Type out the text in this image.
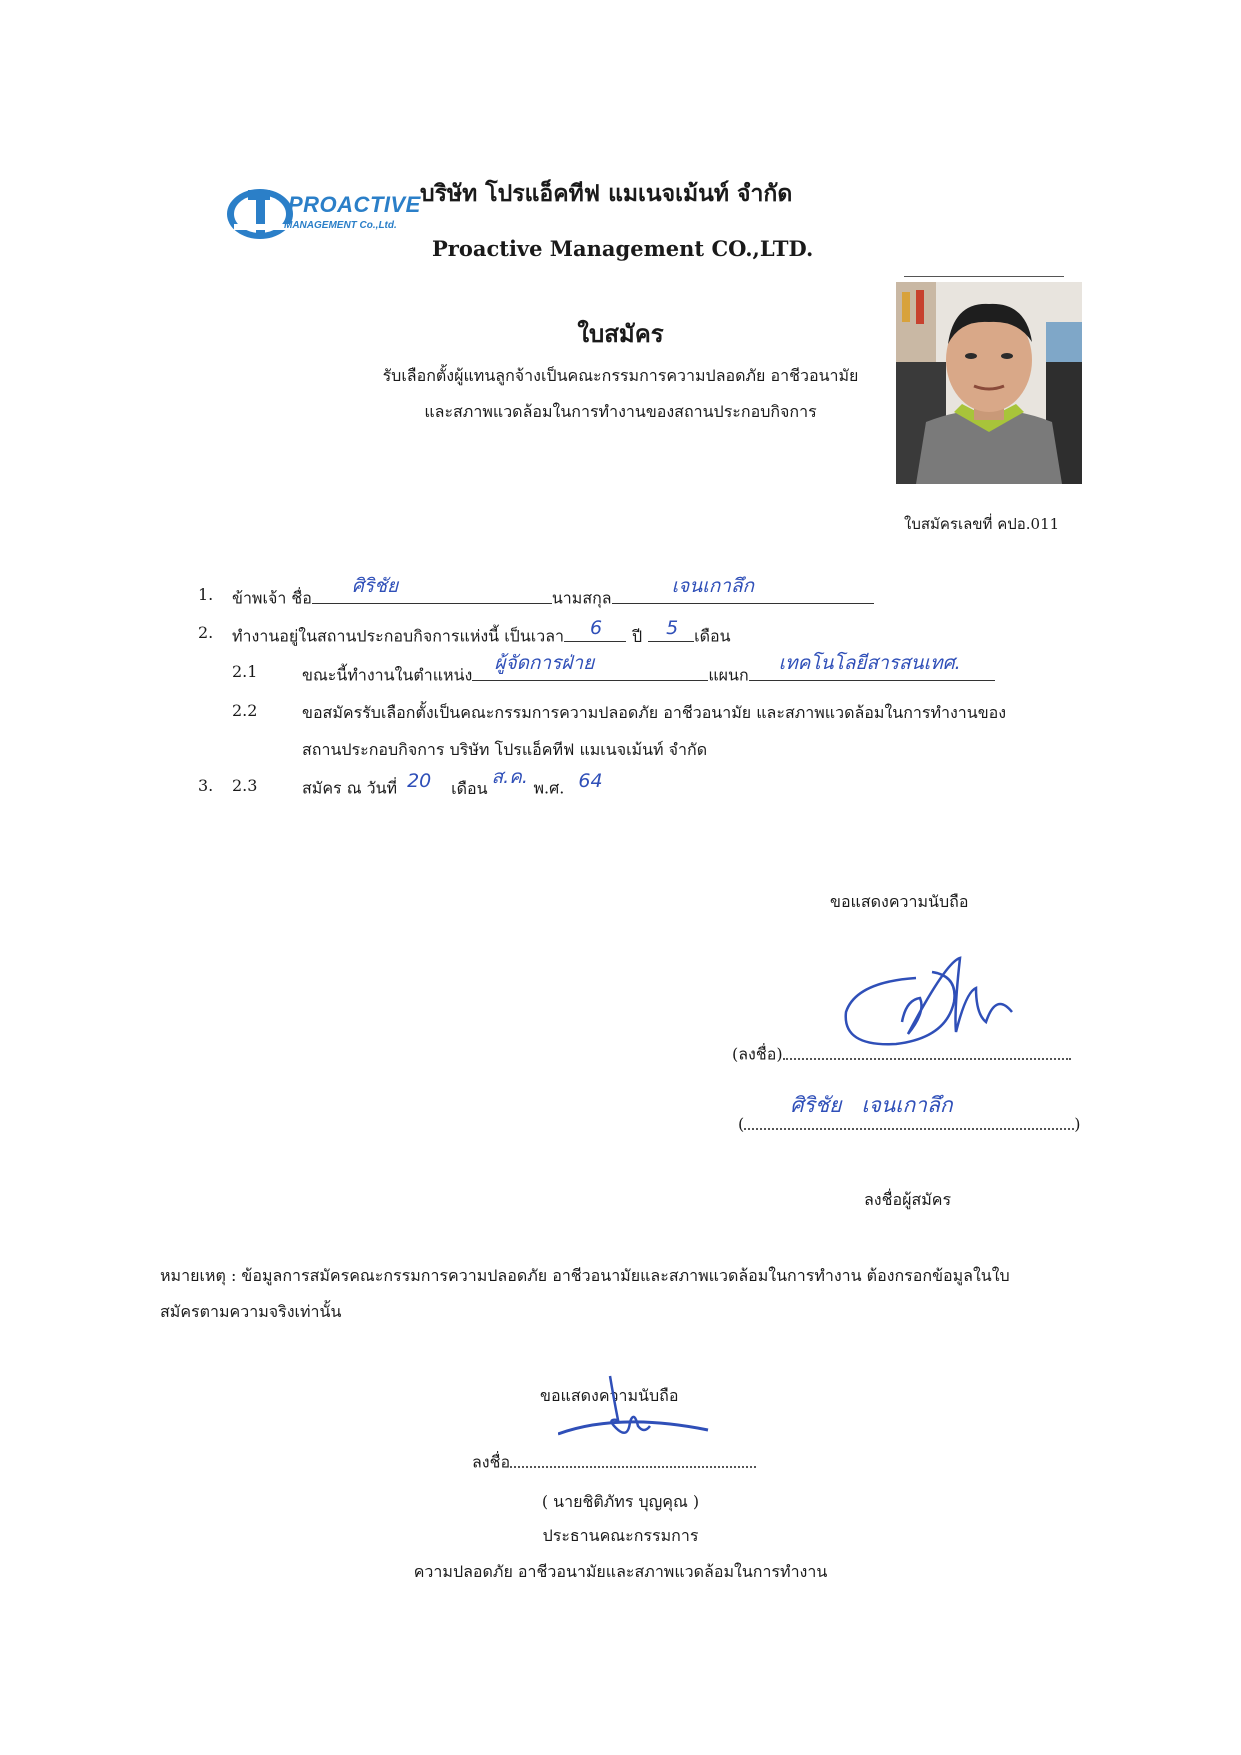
PROACTIVE
MANAGEMENT Co.,Ltd.
บริษัท โปรแอ็คทีฟ แมเนจเม้นท์ จำกัด
Proactive Management CO.,LTD.
ใบสมัคร
รับเลือกตั้งผู้แทนลูกจ้างเป็นคณะกรรมการความปลอดภัย อาชีวอนามัย
และสภาพแวดล้อมในการทำงานของสถานประกอบกิจการ
ใบสมัครเลขที่ คปอ.011
1. ข้าพเจ้า ชื่อ
ศิริชัย
นามสกุล
เจนเกาลึก
2. ทำงานอยู่ในสถานประกอบกิจการแห่งนี้ เป็นเวลา 6 ปี 5 เดือน
2.1	ขณะนี้ทำงานในตำแหน่ง
ผู้จัดการฝ่าย
แผนก
เทคโนโลยีสารสนเทศ.
2.2	ขอสมัครรับเลือกตั้งเป็นคณะกรรมการความปลอดภัย อาชีวอนามัย และสภาพแวดล้อมในการทำงานของ
สถานประกอบกิจการ บริษัท โปรแอ็คทีฟ แมเนจเม้นท์ จำกัด
3. 2.3	สมัคร ณ วันที่ 20 เดือน
ส.ค.
พ.ศ. 64
ขอแสดงความนับถือ
(ลงชื่อ)
(
ศิริชัย   เจนเกาลึก
)
ลงชื่อผู้สมัคร
หมายเหตุ : ข้อมูลการสมัครคณะกรรมการความปลอดภัย อาชีวอนามัยและสภาพแวดล้อมในการทำงาน ต้องกรอกข้อมูลในใบ
สมัครตามความจริงเท่านั้น
ขอแสดงความนับถือ
ลงชื่อ
( นายชิติภัทร บุญคุณ )
ประธานคณะกรรมการ
ความปลอดภัย อาชีวอนามัยและสภาพแวดล้อมในการทำงาน
